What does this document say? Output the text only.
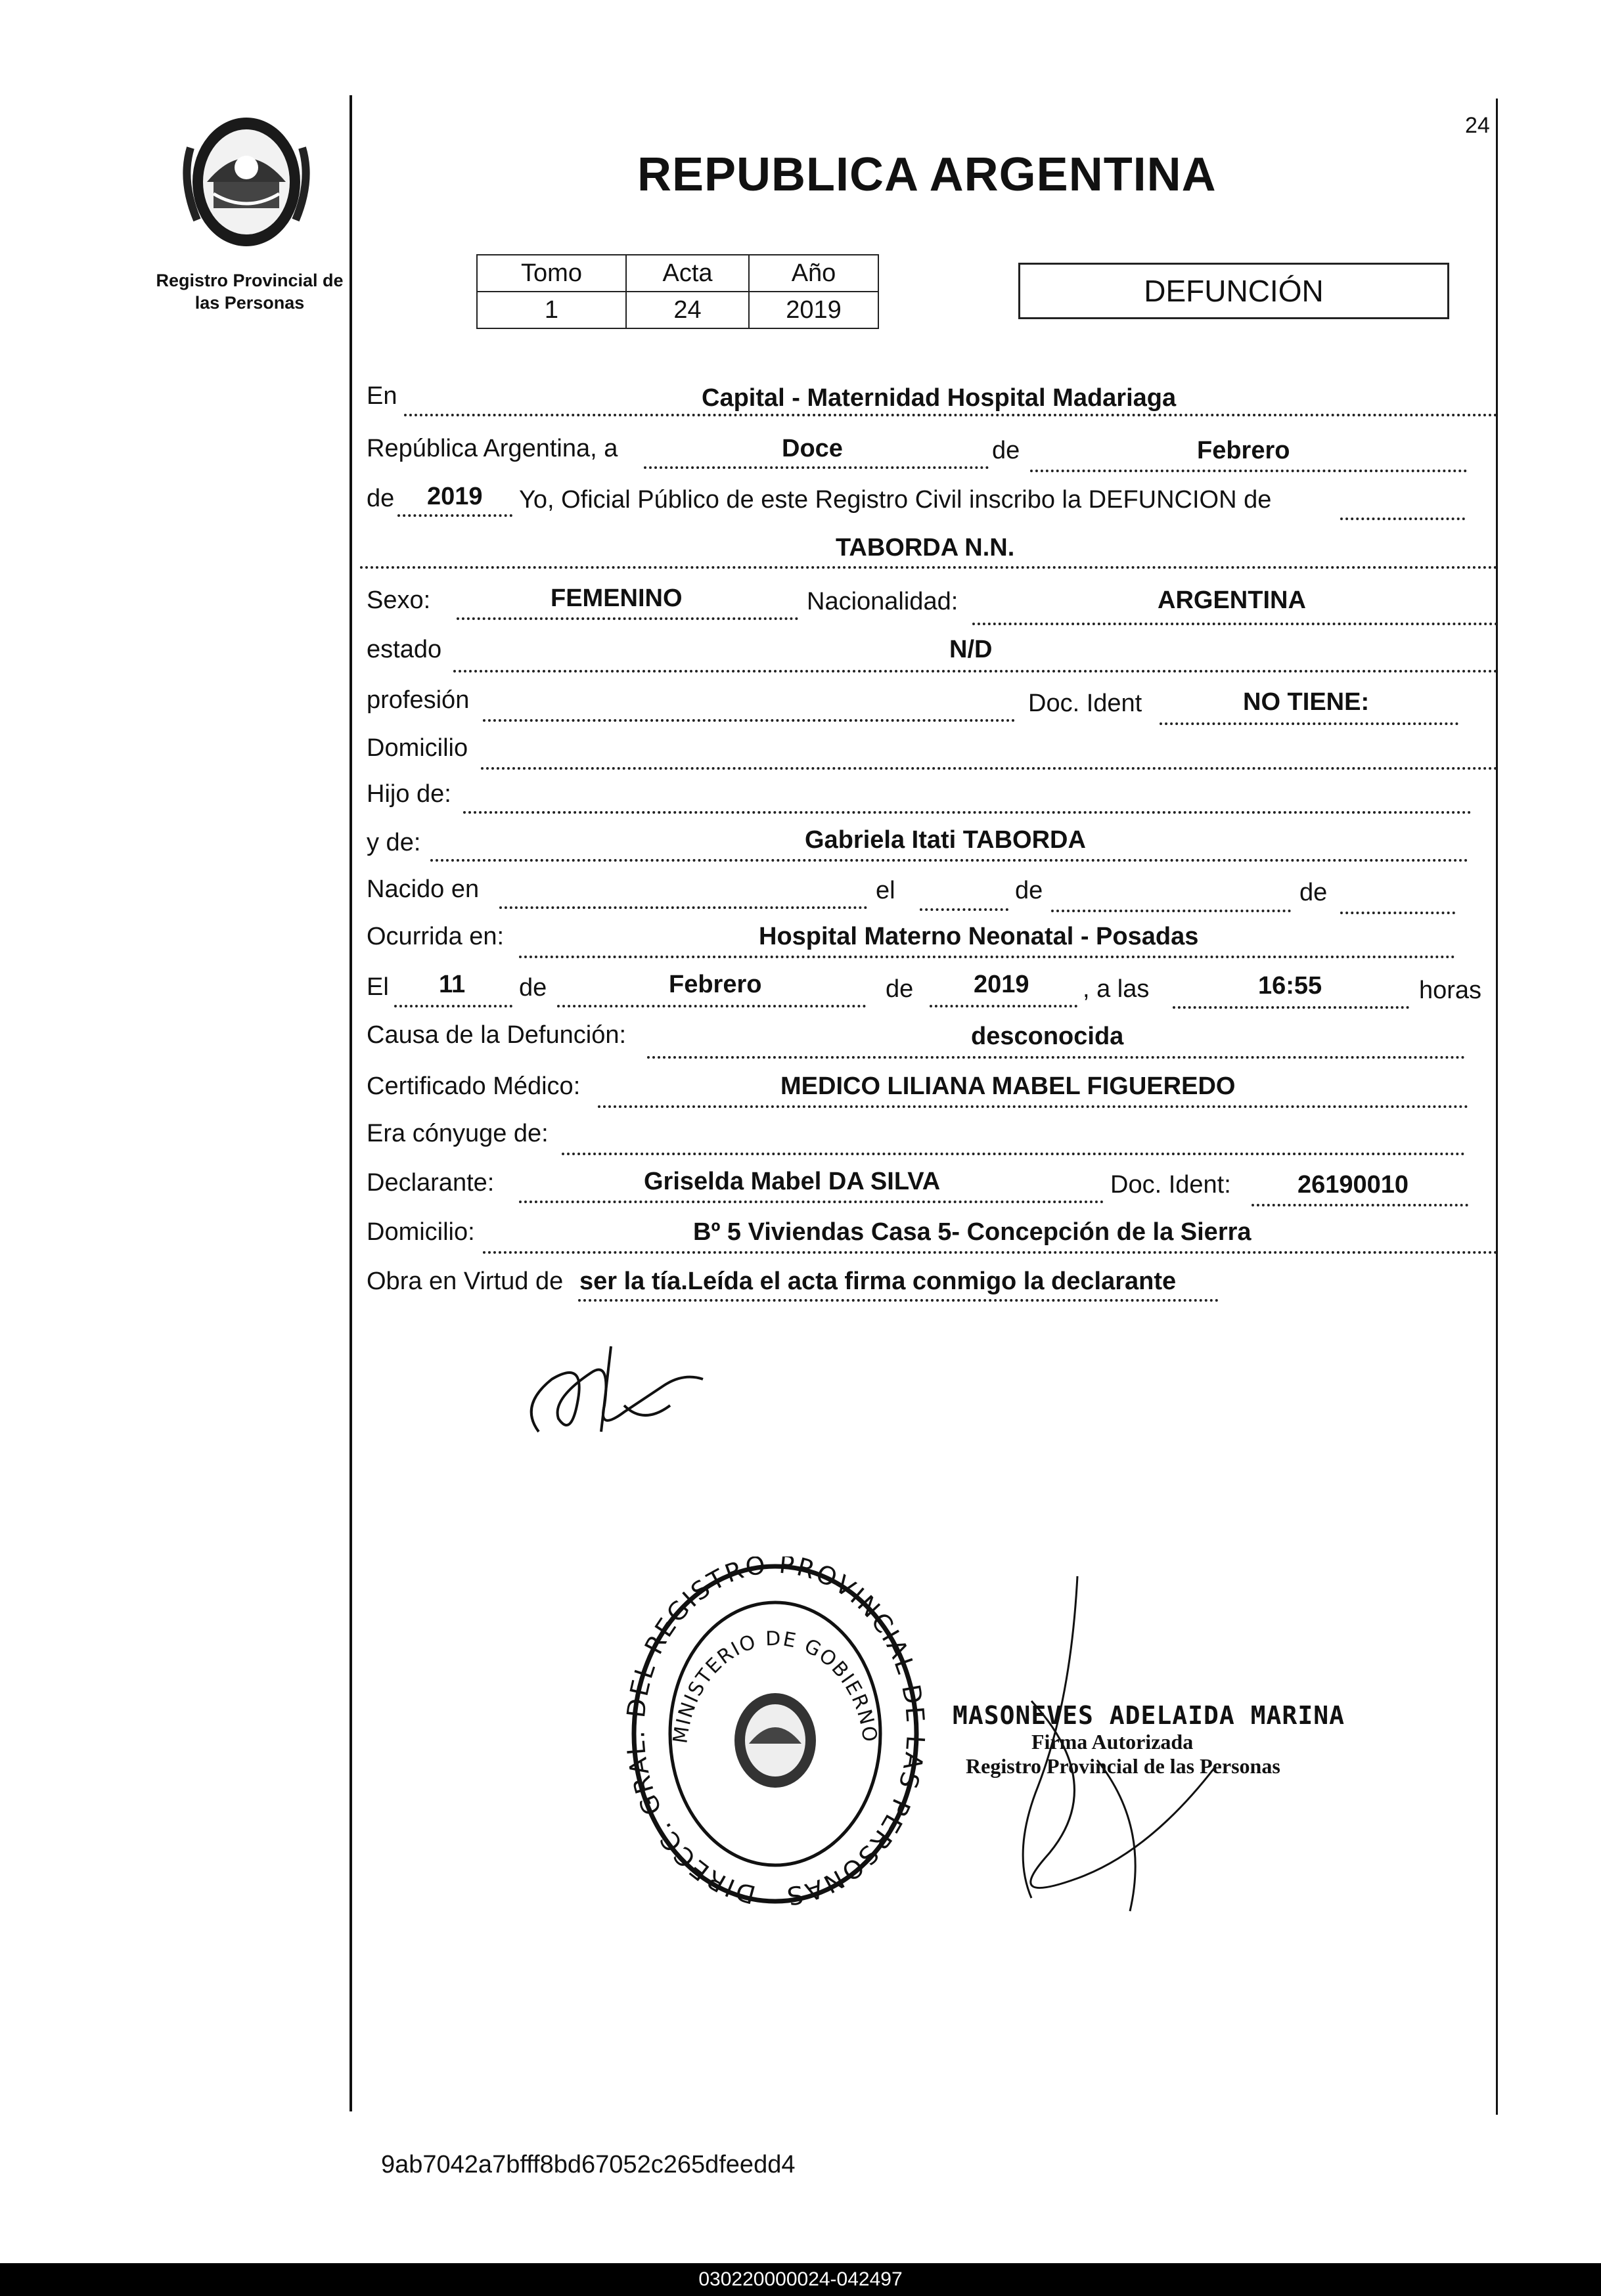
Registro Provincial de
las Personas
24
REPUBLICA ARGENTINA
Tomo	Acta	Año
1	24	2019
DEFUNCIÓN
En	Capital - Maternidad Hospital Madariaga
República Argentina, a	Doce	de	Febrero
de 2019 Yo, Oficial Público de este Registro Civil inscribo la DEFUNCION de
TABORDA N.N.
Sexo:	FEMENINO	Nacionalidad:	ARGENTINA
estado	N/D
profesión	Doc. Ident	NO TIENE:
Domicilio
Hijo de:
y de:	Gabriela Itati TABORDA
Nacido en	el	de	de
Ocurrida en:	Hospital Materno Neonatal - Posadas
El 11 de	Febrero	de 2019 , a las	16:55	horas
Causa de la Defunción:	desconocida
Certificado Médico:	MEDICO LILIANA MABEL FIGUEREDO
Era cónyuge de:
Declarante:	Griselda Mabel DA SILVA	Doc. Ident:	26190010
Domicilio:	Bº 5 Viviendas Casa 5- Concepción de la Sierra
Obra en Virtud de ser la tía.Leída el acta firma conmigo la declarante
DIRECC. GRAL DEL REGISTRO PROVINCIAL D AS PERSONAS
MINISTERIO DE GOBIERNO
MASONEVES ADELAIDA MARINA
Firma Autorizada
Registro Provincial de las Personas
9ab7042a7bfff8bd67052c265dfeedd4
030220000024-042497
